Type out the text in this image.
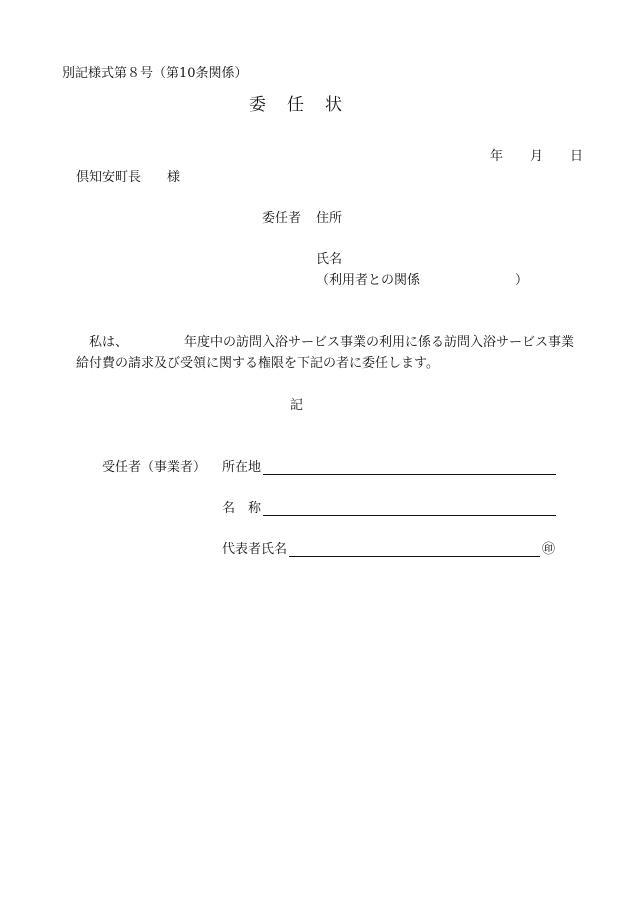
別記様式第８号（第10条関係）
委　任　状
年 月 日
倶知安町長　　様
委任者 住所
氏名
（利用者との関係	）
私は、	年度中の訪問入浴サービス事業の利用に係る訪問入浴サービス事業
給付費の請求及び受領に関する権限を下記の者に委任します。
記
受任者（事業者） 所在地
名　称
代表者氏名	㊞
